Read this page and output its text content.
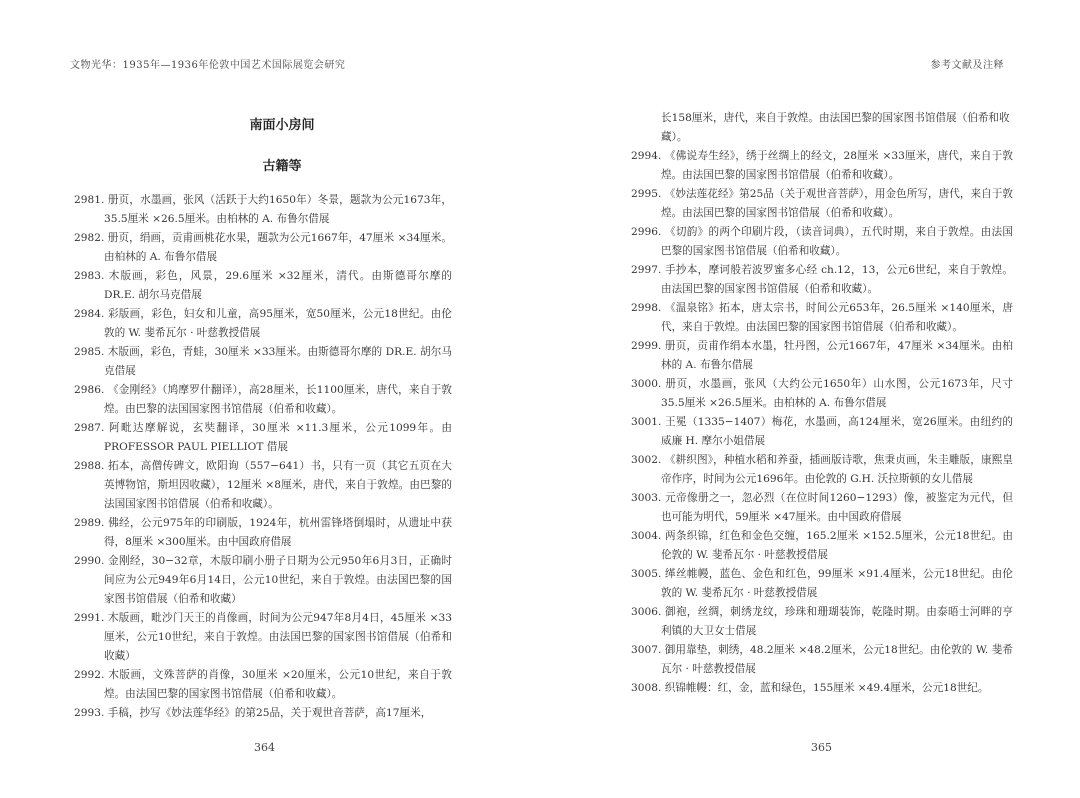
文物光华：1935年—1936年伦敦中国艺术国际展览会研究
南面小房间
古籍等

2981. 册页，水墨画，张风（活跃于大约1650年）冬景，题款为公元1673年，35.5厘米 ×26.5厘米。由柏林的 A. 布鲁尔借展

2982. 册页，绢画，贡甫画桃花水果，题款为公元1667年，47厘米 ×34厘米。由柏林的 A. 布鲁尔借展

2983. 木版画，彩色，风景，29.6厘米 ×32厘米，清代。由斯德哥尔摩的 DR.E. 胡尔马克借展

2984. 彩版画，彩色，妇女和儿童，高95厘米，宽50厘米，公元18世纪。由伦敦的 W. 斐希瓦尔 · 叶慈教授借展

2985. 木版画，彩色，青蛙，30厘米 ×33厘米。由斯德哥尔摩的 DR.E. 胡尔马克借展

2986. 《金刚经》（鸠摩罗什翻译），高28厘米，长1100厘米，唐代，来自于敦煌。由巴黎的法国国家图书馆借展（伯希和收藏）。

2987. 阿毗达摩解说，玄奘翻译，30厘米 ×11.3厘米，公元1099年。由 PROFESSOR PAUL PIELLIOT 借展

2988. 拓本，高僧传碑文，欧阳询（557−641）书，只有一页（其它五页在大英博物馆，斯坦因收藏），12厘米 ×8厘米，唐代，来自于敦煌。由巴黎的法国国家图书馆借展（伯希和收藏）。

2989. 佛经，公元975年的印刷版，1924年，杭州雷锋塔倒塌时，从遗址中获得，8厘米 ×300厘米。由中国政府借展

2990. 金刚经，30−32章，木版印刷小册子日期为公元950年6月3日，正确时间应为公元949年6月14日，公元10世纪，来自于敦煌。由法国巴黎的国家图书馆借展（伯希和收藏）

2991. 木版画，毗沙门天王的肖像画，时间为公元947年8月4日，45厘米 ×33厘米，公元10世纪，来自于敦煌。由法国巴黎的国家图书馆借展（伯希和收藏）

2992. 木版画，文殊菩萨的肖像，30厘米 ×20厘米，公元10世纪，来自于敦煌。由法国巴黎的国家图书馆借展（伯希和收藏）。

2993. 手稿，抄写《妙法莲华经》的第25品，关于观世音菩萨，高17厘米，

364
参考文献及注释

长158厘米，唐代，来自于敦煌。由法国巴黎的国家图书馆借展（伯希和收藏）。

2994. 《佛说寿生经》，绣于丝绸上的经文，28厘米 ×33厘米，唐代，来自于敦煌。由法国巴黎的国家图书馆借展（伯希和收藏）。

2995. 《妙法莲花经》第25品（关于观世音菩萨），用金色所写，唐代，来自于敦煌。由法国巴黎的国家图书馆借展（伯希和收藏）。

2996. 《切韵》的两个印刷片段，（读音词典），五代时期，来自于敦煌。由法国巴黎的国家图书馆借展（伯希和收藏）。

2997. 手抄本，摩诃般若波罗蜜多心经 ch.12，13，公元6世纪，来自于敦煌。由法国巴黎的国家图书馆借展（伯希和收藏）。

2998. 《温泉铭》拓本，唐太宗书，时间公元653年，26.5厘米 ×140厘米，唐代，来自于敦煌。由法国巴黎的国家图书馆借展（伯希和收藏）。

2999. 册页，贡甫作绢本水墨，牡丹图，公元1667年，47厘米 ×34厘米。由柏林的 A. 布鲁尔借展

3000. 册页，水墨画，张风（大约公元1650年）山水图，公元1673年，尺寸35.5厘米 ×26.5厘米。由柏林的 A. 布鲁尔借展

3001. 王冕（1335−1407）梅花，水墨画，高124厘米，宽26厘米。由纽约的威廉 H. 摩尔小姐借展

3002. 《耕织图》，种植水稻和养蚕，插画版诗歌，焦秉贞画，朱圭雕版，康熙皇帝作序，时间为公元1696年。由伦敦的 G.H. 沃拉斯顿的女儿借展

3003. 元帝像册之一，忽必烈（在位时间1260−1293）像，被鉴定为元代，但也可能为明代，59厘米 ×47厘米。由中国政府借展

3004. 两条织锦，红色和金色交缠，165.2厘米 ×152.5厘米，公元18世纪。由伦敦的 W. 斐希瓦尔 · 叶慈教授借展

3005. 缂丝帷幔，蓝色、金色和红色，99厘米 ×91.4厘米，公元18世纪。由伦敦的 W. 斐希瓦尔 · 叶慈教授借展

3006. 御袍，丝绸，刺绣龙纹，珍珠和珊瑚装饰，乾隆时期。由泰晤士河畔的亨利镇的大卫女士借展

3007. 御用靠垫，刺绣，48.2厘米 ×48.2厘米，公元18世纪。由伦敦的 W. 斐希瓦尔 · 叶慈教授借展

3008. 织锦帷幔：红，金，蓝和绿色，155厘米 ×49.4厘米，公元18世纪。

365
